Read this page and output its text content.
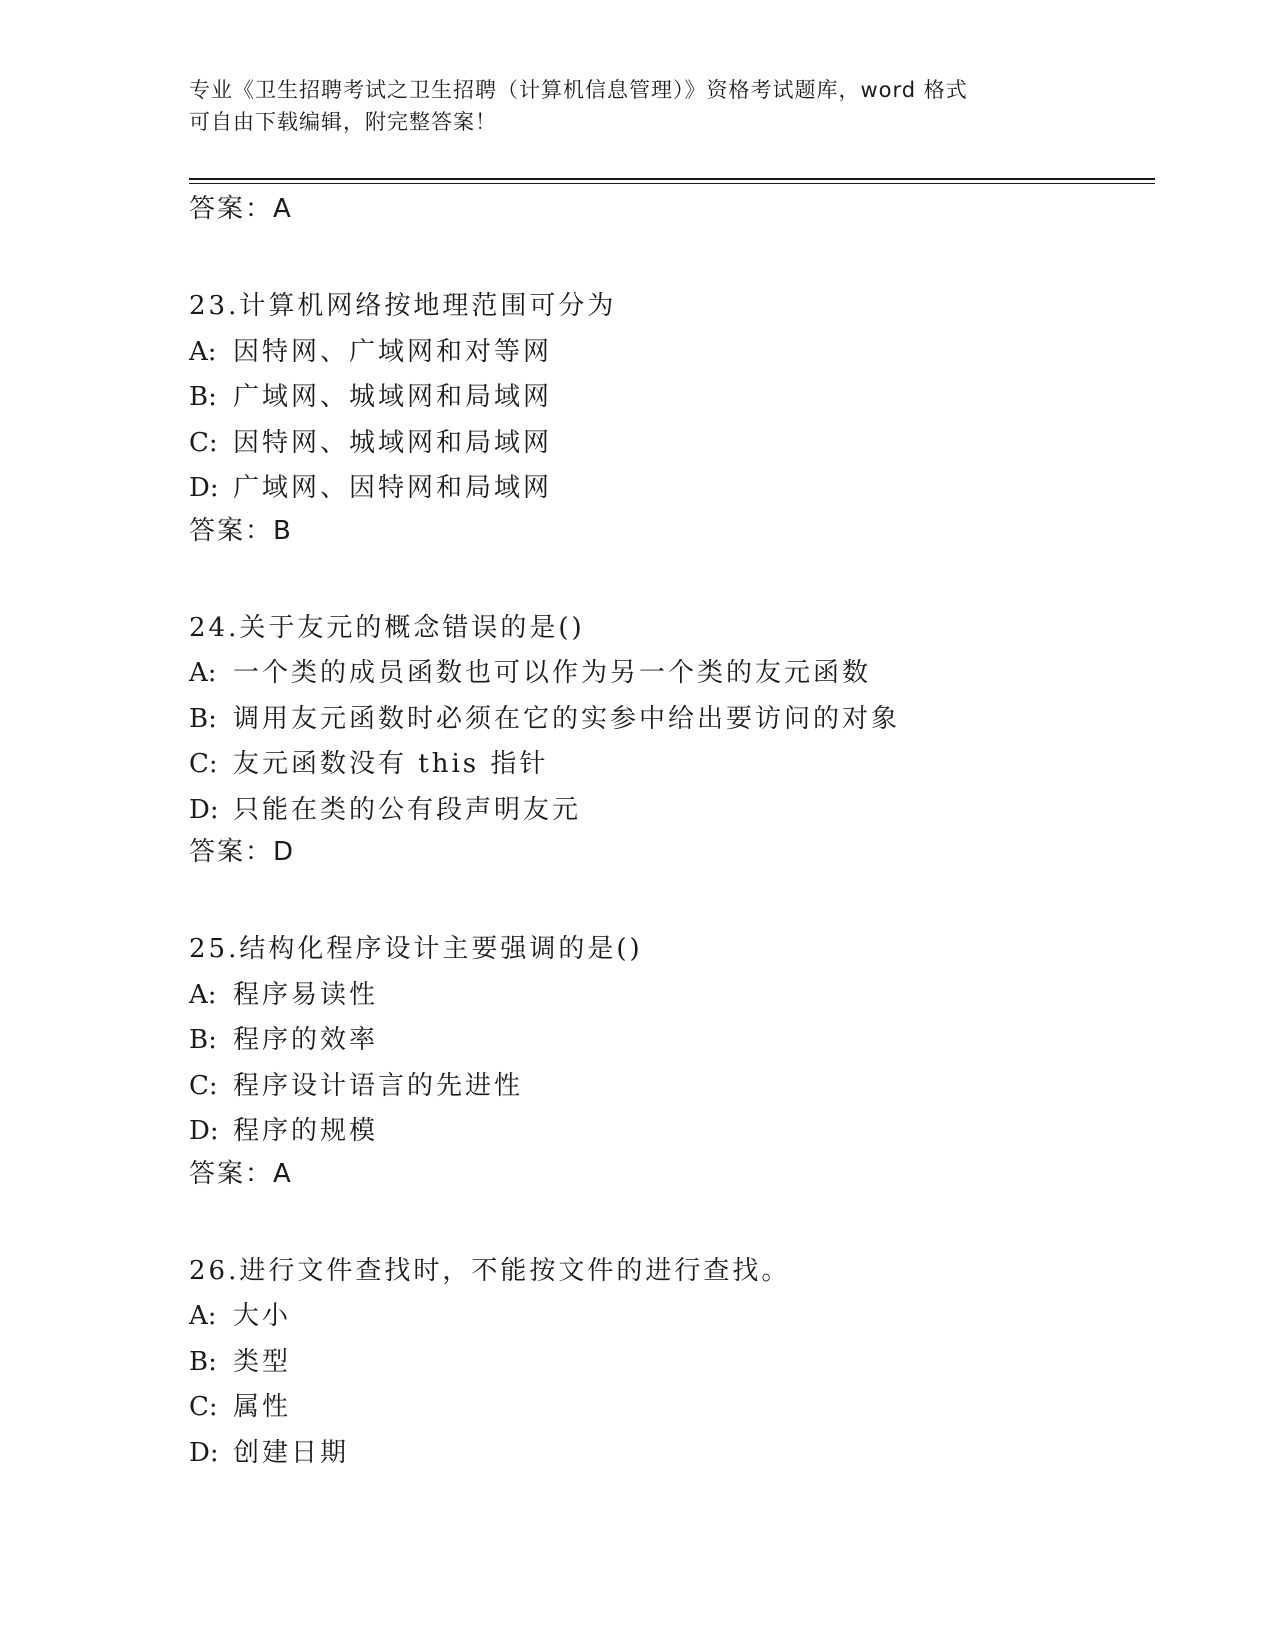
专业《卫生招聘考试之卫生招聘（计算机信息管理）》资格考试题库，word 格式
可自由下载编辑，附完整答案！
答案：A
23.计算机网络按地理范围可分为
A: 因特网、广域网和对等网
B: 广域网、城域网和局域网
C: 因特网、城域网和局域网
D: 广域网、因特网和局域网
答案：B
24.关于友元的概念错误的是()
A: 一个类的成员函数也可以作为另一个类的友元函数
B: 调用友元函数时必须在它的实参中给出要访问的对象
C: 友元函数没有 this 指针
D: 只能在类的公有段声明友元
答案：D
25.结构化程序设计主要强调的是()
A: 程序易读性
B: 程序的效率
C: 程序设计语言的先进性
D: 程序的规模
答案：A
26.进行文件查找时，不能按文件的进行查找。
A: 大小
B: 类型
C: 属性
D: 创建日期
